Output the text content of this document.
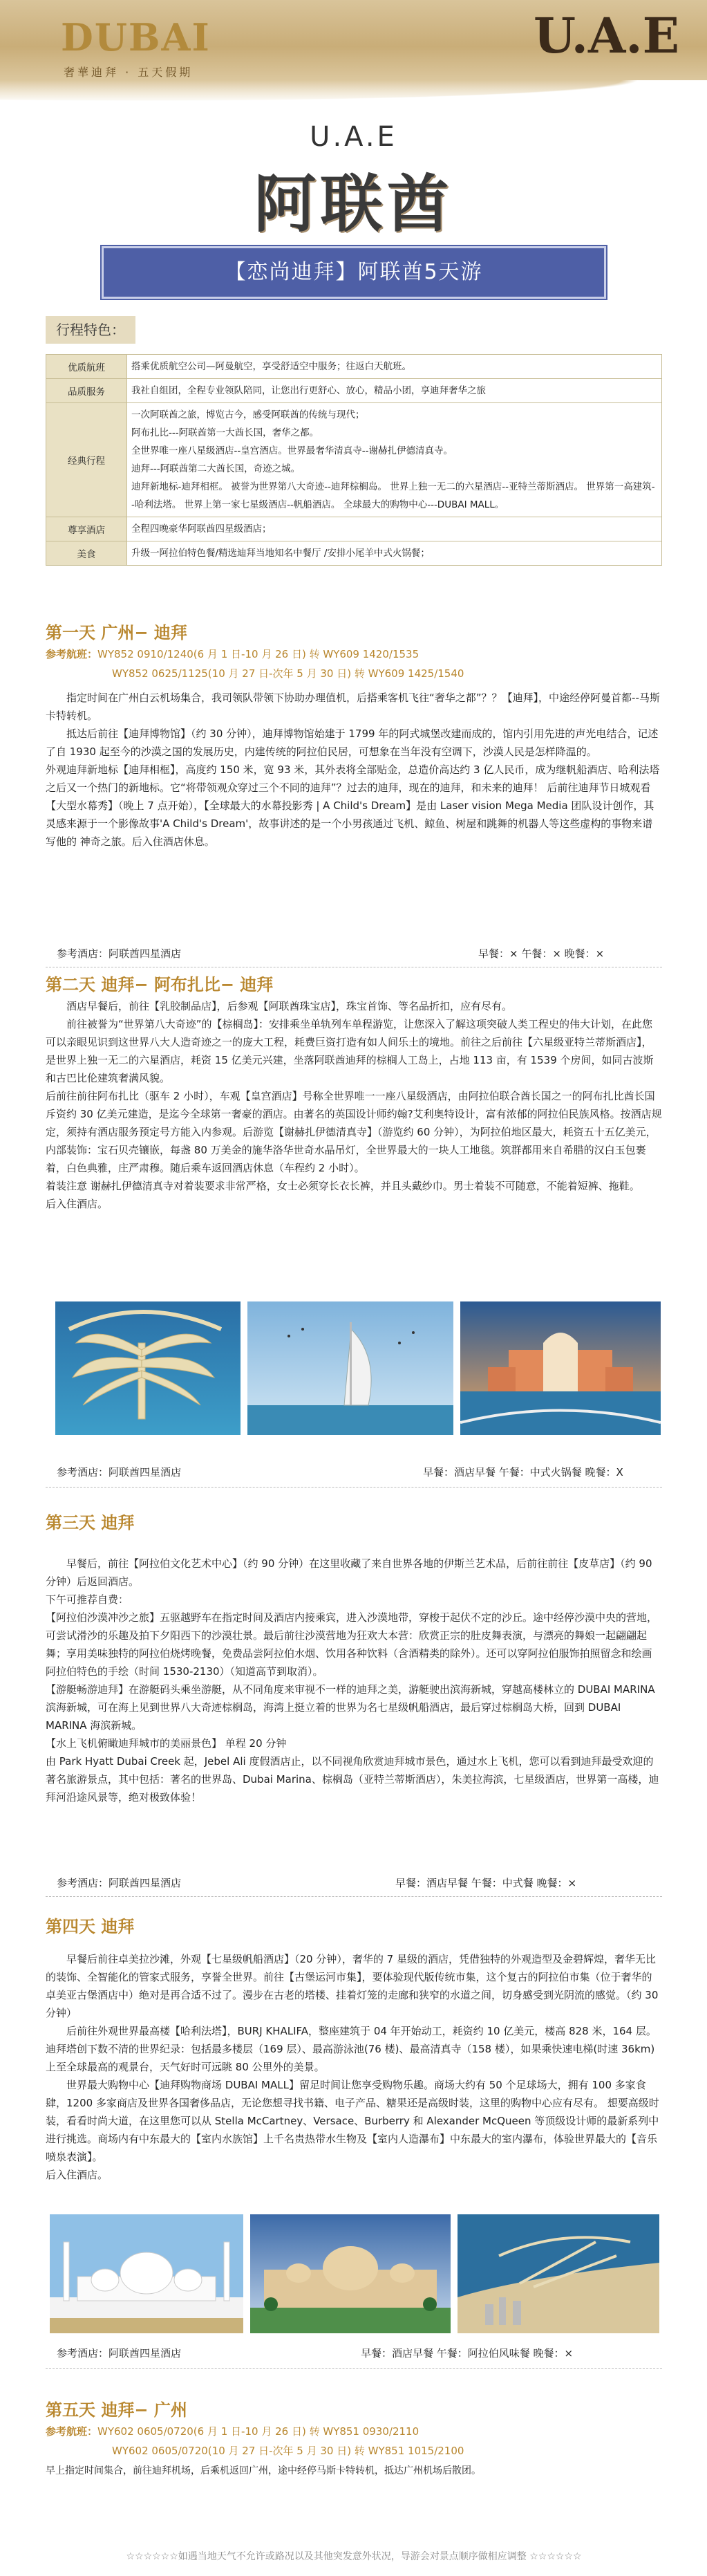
DUBAI
奢華迪拜 · 五天假期
U.A.E
U.A.E
阿联酋
【恋尚迪拜】阿联酋5天游
行程特色：
优质航班	搭乘优质航空公司—阿曼航空，享受舒适空中服务；往返白天航班。
品质服务	我社自组团，全程专业领队陪同，让您出行更舒心、放心，精品小团，享迪拜奢华之旅
经典行程	一次阿联酋之旅，博览古今，感受阿联酋的传统与现代；
阿布扎比---阿联酋第一大酋长国，奢华之都。
全世界唯一座八星级酒店--皇宫酒店。世界最奢华清真寺--谢赫扎伊德清真寺。
迪拜---阿联酋第二大酋长国，奇迹之城。
迪拜新地标-迪拜相框。 被誉为世界第八大奇迹--迪拜棕榈岛。 世界上独一无二的六星酒店--亚特兰蒂斯酒店。 世界第一高建筑--哈利法塔。 世界上第一家七星级酒店--帆船酒店。 全球最大的购物中心---DUBAI MALL。

尊享酒店	全程四晚豪华阿联酋四星级酒店；
美食	升级一阿拉伯特色餐/精选迪拜当地知名中餐厅 /安排小尾羊中式火锅餐；
第一天 广州− 迪拜
参考航班：WY852 0910/1240(6 月 1 日-10 月 26 日) 转 WY609 1420/1535
WY852 0625/1125(10 月 27 日-次年 5 月 30 日) 转 WY609 1425/1540

指定时间在广州白云机场集合，我司领队带领下协助办理值机，后搭乘客机飞往“奢华之都”？？【迪拜】，中途经停阿曼首都--马斯卡特转机。

抵达后前往【迪拜博物馆】（约 30 分钟），迪拜博物馆始建于 1799 年的阿式城堡改建而成的，馆内引用先进的声光电结合，记述了自 1930 起至今的沙漠之国的发展历史，内建传统的阿拉伯民居，可想象在当年没有空调下，沙漠人民是怎样降温的。

外观迪拜新地标【迪拜相框】，高度约 150 米，宽 93 米，其外表将全部贴金，总造价高达约 3 亿人民币，成为继帆船酒店、哈利法塔之后又一个热门的新地标。它“将带领观众穿过三个不同的迪拜”？过去的迪拜，现在的迪拜，和未来的迪拜！ 后前往迪拜节日城观看【大型水幕秀】（晚上 7 点开始），【全球最大的水幕投影秀 | A Child's Dream】是由 Laser vision Mega Media 团队设计创作，其灵感来源于一个影像故事'A Child's Dream'，故事讲述的是一个小男孩通过飞机、鲸鱼、树屋和跳舞的机器人等这些虚构的事物来谱写他的 神奇之旅。后入住酒店休息。

参考酒店：阿联酋四星酒店	早餐：× 午餐：× 晚餐：×
第二天 迪拜− 阿布扎比− 迪拜

酒店早餐后，前往【乳胶制品店】，后参观【阿联酋珠宝店】，珠宝首饰、等名品折扣，应有尽有。

前往被誉为“世界第八大奇迹”的【棕榈岛】：安排乘坐单轨列车单程游览，让您深入了解这项突破人类工程史的伟大计划，在此您可以亲眼见识到这世界八大人造奇迹之一的庞大工程，耗费巨资打造有如人间乐土的境地。前往之后前往【六星级亚特兰蒂斯酒店】，是世界上独一无二的六星酒店，耗资 15 亿美元兴建，坐落阿联酋迪拜的棕榈人工岛上，占地 113 亩，有 1539 个房间，如同古波斯和古巴比伦建筑奢满风貌。

后前往前往阿布扎比（驱车 2 小时），车观【皇宫酒店】号称全世界唯一一座八星级酒店，由阿拉伯联合酋长国之一的阿布扎比酋长国斥资约 30 亿美元建造，是迄今全球第一奢豪的酒店。由著名的英国设计师约翰?艾利奥特设计，富有浓郁的阿拉伯民族风格。按酒店规定，须持有酒店服务预定号方能入内参观。后游览【谢赫扎伊德清真寺】（游览约 60 分钟），为阿拉伯地区最大，耗资五十五亿美元，内部装饰：宝石贝壳镶嵌，每盏 80 万美金的施华洛华世奇水晶吊灯，全世界最大的一块人工地毯。筑群都用来自希腊的汉白玉包裹着，白色典雅，庄严肃穆。随后乘车返回酒店休息（车程约 2 小时）。

着装注意 谢赫扎伊德清真寺对着装要求非常严格，女士必须穿长衣长裤，并且头戴纱巾。男士着装不可随意，不能着短裤、拖鞋。

后入住酒店。

参考酒店：阿联酋四星酒店	早餐：酒店早餐 午餐：中式火锅餐 晚餐：X
第三天 迪拜

早餐后，前往【阿拉伯文化艺术中心】（约 90 分钟）在这里收藏了来自世界各地的伊斯兰艺术品，后前往前往【皮草店】（约 90 分钟）后返回酒店。

下午可推荐自费：

【阿拉伯沙漠冲沙之旅】五驱越野车在指定时间及酒店内接乘宾，进入沙漠地带，穿梭于起伏不定的沙丘。途中经停沙漠中央的营地，可尝试滑沙的乐趣及拍下夕阳西下的沙漠壮景。最后前往沙漠营地为狂欢大本营：欣赏正宗的肚皮舞表演，与漂亮的舞娘一起翩翩起舞；享用美味独特的阿拉伯烧烤晚餐，免费品尝阿拉伯水烟、饮用各种饮料（含酒精类的除外）。还可以穿阿拉伯服饰拍照留念和绘画阿拉伯特色的手绘（时间 1530-2130）（知道高节到取消）。

【游艇畅游迪拜】在游艇码头乘坐游艇，从不同角度来审视不一样的迪拜之美，游艇驶出滨海新城，穿越高楼林立的 DUBAI MARINA 滨海新城，可在海上见到世界八大奇迹棕榈岛，海湾上挺立着的世界为名七星级帆船酒店，最后穿过棕榈岛大桥，回到 DUBAI MARINA 海滨新城。

【水上飞机俯瞰迪拜城市的美丽景色】 单程 20 分钟

由 Park Hyatt Dubai Creek 起，Jebel Ali 度假酒店止，以不同视角欣赏迪拜城市景色，通过水上飞机，您可以看到迪拜最受欢迎的著名旅游景点，其中包括：著名的世界岛、Dubai Marina、棕榈岛（亚特兰蒂斯酒店），朱美拉海滨，七星级酒店，世界第一高楼，迪拜河沿途风景等，绝对极致体验！

参考酒店：阿联酋四星酒店	早餐：酒店早餐 午餐：中式餐 晚餐：×
第四天 迪拜

早餐后前往卓美拉沙滩，外观【七星级帆船酒店】（20 分钟），奢华的 7 星级的酒店，凭借独特的外观造型及金碧辉煌，奢华无比的装饰、全智能化的管家式服务，享誉全世界。前往【古堡运河市集】，要体验现代版传统市集，这个复古的阿拉伯市集（位于奢华的卓美亚古堡酒店中）绝对是再合适不过了。漫步在古老的塔楼、挂着灯笼的走廊和狭窄的水道之间，切身感受到光阴流的感觉。（约 30 分钟）

后前往外观世界最高楼【哈利法塔】，BURJ KHALIFA，整座建筑于 04 年开始动工，耗资约 10 亿美元，楼高 828 米，164 层。迪拜塔创下数不清的世界纪录：包括最多楼层（169 层）、最高游泳池(76 楼)、最高清真寺（158 楼），如果乘快速电梯(时速 36km)上至全球最高的观景台，天气好时可远眺 80 公里外的美景。

世界最大购物中心【迪拜购物商场 DUBAI MALL】留足时间让您享受购物乐趣。商场大约有 50 个足球场大，拥有 100 多家食肆，1200 多家商店及世界各国奢侈品店，无论您想寻找书籍、电子产品、糖果还是高级时装，这里的购物中心应有尽有。 想要高级时装，看看时尚大道，在这里您可以从 Stella McCartney、Versace、Burberry 和 Alexander McQueen 等顶级设计师的最新系列中进行挑选。商场内有中东最大的【室内水族馆】上千名贵热带水生物及【室内人造瀑布】中东最大的室内瀑布，体验世界最大的【音乐喷泉表演】。

后入住酒店。

参考酒店：阿联酋四星酒店	早餐：酒店早餐 午餐：阿拉伯风味餐 晚餐：×
第五天 迪拜− 广州
参考航班：WY602 0605/0720(6 月 1 日-10 月 26 日) 转 WY851 0930/2110
WY602 0605/0720(10 月 27 日-次年 5 月 30 日) 转 WY851 1015/2100

早上指定时间集合，前往迪拜机场，后乘机返回广州，途中经停马斯卡特转机，抵达广州机场后散团。

☆☆☆☆☆☆如遇当地天气不允许或路况以及其他突发意外状况，导游会对景点顺序做相应调整 ☆☆☆☆☆☆
